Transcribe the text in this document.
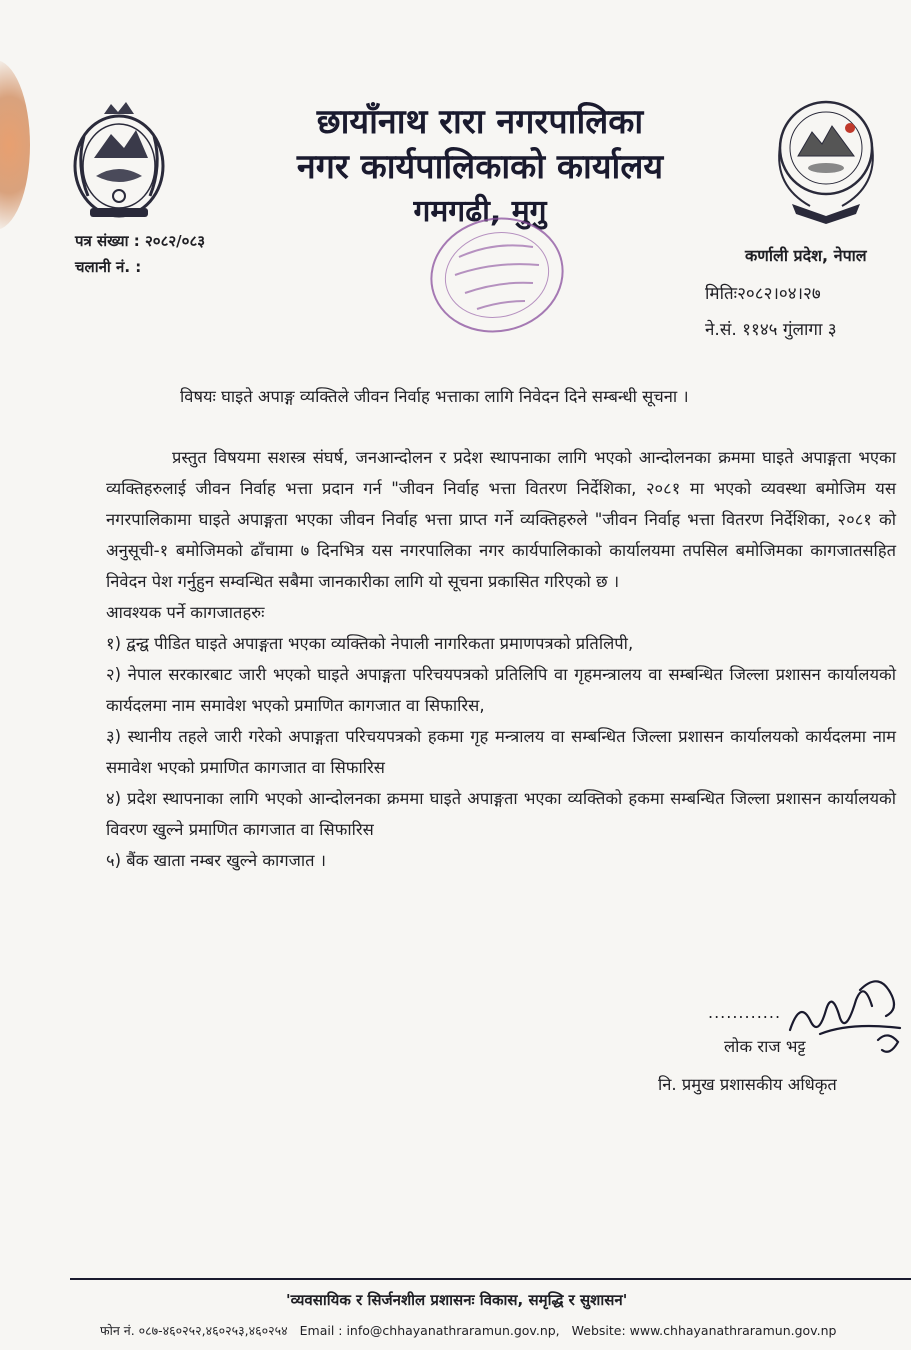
छायाँनाथ रारा नगरपालिका
नगर कार्यपालिकाको कार्यालय
गमगढी, मुगु
पत्र संख्या : २०८२/०८३
चलानी नं. :
कर्णाली प्रदेश, नेपाल
मितिः२०८२।०४।२७
ने.सं. ११४५ गुंलागा ३
विषयः घाइते अपाङ्ग व्यक्तिले जीवन निर्वाह भत्ताका लागि निवेदन दिने सम्बन्धी सूचना ।

प्रस्तुत विषयमा सशस्त्र संघर्ष, जनआन्दोलन र प्रदेश स्थापनाका लागि भएको आन्दोलनका क्रममा घाइते अपाङ्गता भएका व्यक्तिहरुलाई जीवन निर्वाह भत्ता प्रदान गर्न "जीवन निर्वाह भत्ता वितरण निर्देशिका, २०८१ मा भएको व्यवस्था बमोजिम यस नगरपालिकामा घाइते अपाङ्गता भएका जीवन निर्वाह भत्ता प्राप्त गर्ने व्यक्तिहरुले "जीवन निर्वाह भत्ता वितरण निर्देशिका, २०८१ को अनुसूची-१ बमोजिमको ढाँचामा ७ दिनभित्र यस नगरपालिका नगर कार्यपालिकाको कार्यालयमा तपसिल बमोजिमका कागजातसहित निवेदन पेश गर्नुहुन सम्वन्धित सबैमा जानकारीका लागि यो सूचना प्रकासित गरिएको छ ।

आवश्यक पर्ने कागजातहरुः

१) द्वन्द्व पीडित घाइते अपाङ्गता भएका व्यक्तिको नेपाली नागरिकता प्रमाणपत्रको प्रतिलिपी,

२) नेपाल सरकारबाट जारी भएको घाइते अपाङ्गता परिचयपत्रको प्रतिलिपि वा गृहमन्त्रालय वा सम्बन्धित जिल्ला प्रशासन कार्यालयको कार्यदलमा नाम समावेश भएको प्रमाणित कागजात वा सिफारिस,

३) स्थानीय तहले जारी गरेको अपाङ्गता परिचयपत्रको हकमा गृह मन्त्रालय वा सम्बन्धित जिल्ला प्रशासन कार्यालयको कार्यदलमा नाम समावेश भएको प्रमाणित कागजात वा सिफारिस

४) प्रदेश स्थापनाका लागि भएको आन्दोलनका क्रममा घाइते अपाङ्गता भएका व्यक्तिको हकमा सम्बन्धित जिल्ला प्रशासन कार्यालयको विवरण खुल्ने प्रमाणित कागजात वा सिफारिस

५) बैंक खाता नम्बर खुल्ने कागजात ।

............
लोक राज भट्ट
नि. प्रमुख प्रशासकीय अधिकृत
'व्यवसायिक र सिर्जनशील प्रशासनः विकास, समृद्धि र सुशासन'
फोन नं. ०८७-४६०२५२,४६०२५३,४६०२५४ Email : info@chhayanathraramun.gov.np, Website: www.chhayanathraramun.gov.np
